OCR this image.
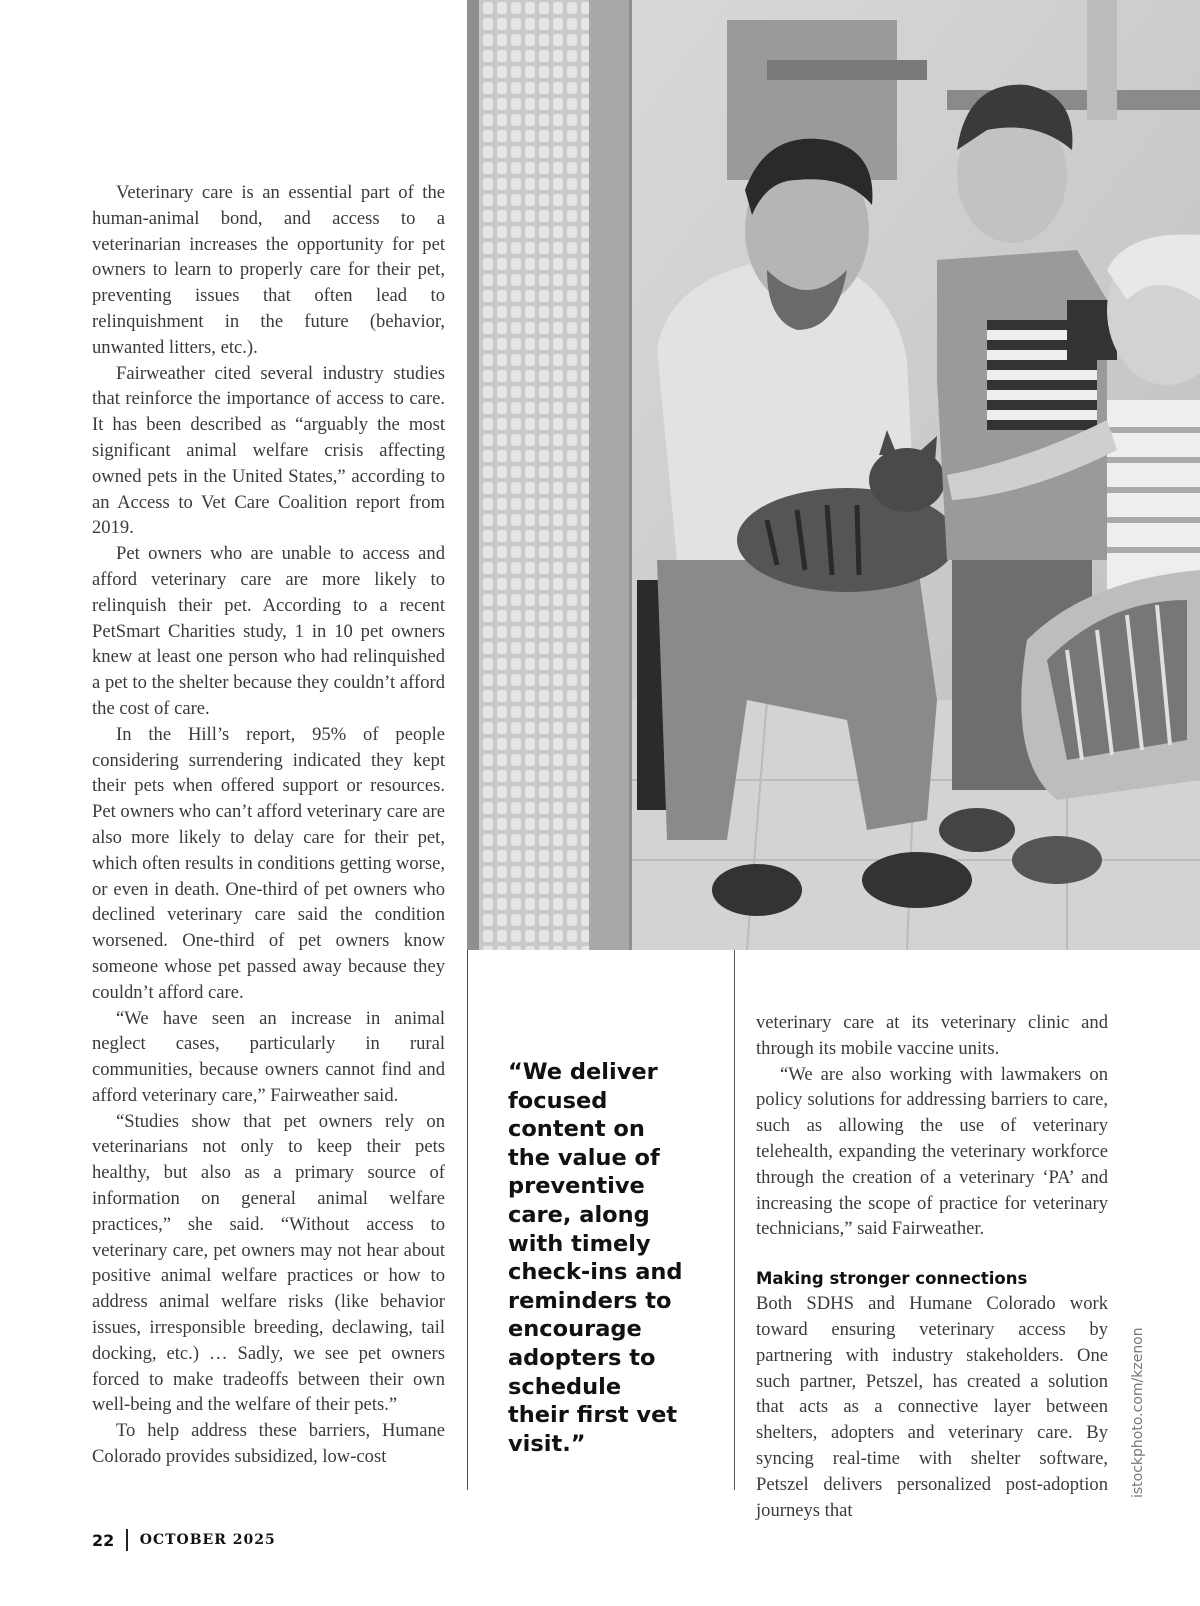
Veterinary care is an essential part of the human-animal bond, and access to a veterinarian increases the opportunity for pet owners to learn to properly care for their pet, preventing issues that often lead to relinquishment in the future (behavior, unwanted litters, etc.).

Fairweather cited several industry studies that reinforce the importance of access to care. It has been described as “arguably the most significant animal welfare crisis affecting owned pets in the United States,” according to an Access to Vet Care Coalition report from 2019.

Pet owners who are unable to access and afford veterinary care are more likely to relinquish their pet. According to a recent PetSmart Charities study, 1 in 10 pet owners knew at least one person who had relinquished a pet to the shelter because they couldn’t afford the cost of care.

In the Hill’s report, 95% of people considering surrendering indicated they kept their pets when offered support or resources. Pet owners who can’t afford veterinary care are also more likely to delay care for their pet, which often results in conditions getting worse, or even in death. One-third of pet owners who declined veterinary care said the condition worsened. One-third of pet owners know someone whose pet passed away because they couldn’t afford care.

“We have seen an increase in animal neglect cases, particularly in rural communities, because owners cannot find and afford veterinary care,” Fairweather said.

“Studies show that pet owners rely on veterinarians not only to keep their pets healthy, but also as a primary source of information on general animal welfare practices,” she said. “Without access to veterinary care, pet owners may not hear about positive animal welfare practices or how to address animal welfare risks (like behavior issues, irresponsible breeding, declawing, tail docking, etc.) … Sadly, we see pet owners forced to make tradeoffs between their own well-being and the welfare of their pets.”

To help address these barriers, Humane Colorado provides subsidized, low-cost

“We deliver focused content on the value of preventive care, along with timely check-ins and reminders to encourage adopters to schedule their first vet visit.”

veterinary care at its veterinary clinic and through its mobile vaccine units.

“We are also working with lawmakers on policy solutions for addressing barriers to care, such as allowing the use of veterinary telehealth, expanding the veterinary workforce through the creation of a veterinary ‘PA’ and increasing the scope of practice for veterinary technicians,” said Fairweather.

Making stronger connections

Both SDHS and Humane Colorado work toward ensuring veterinary access by partnering with industry stakeholders. One such partner, Petszel, has created a solution that acts as a connective layer between shelters, adopters and veterinary care. By syncing real-time with shelter software, Petszel delivers personalized post-adoption journeys that

istockphoto.com/kzenon
22 OCTOBER 2025
